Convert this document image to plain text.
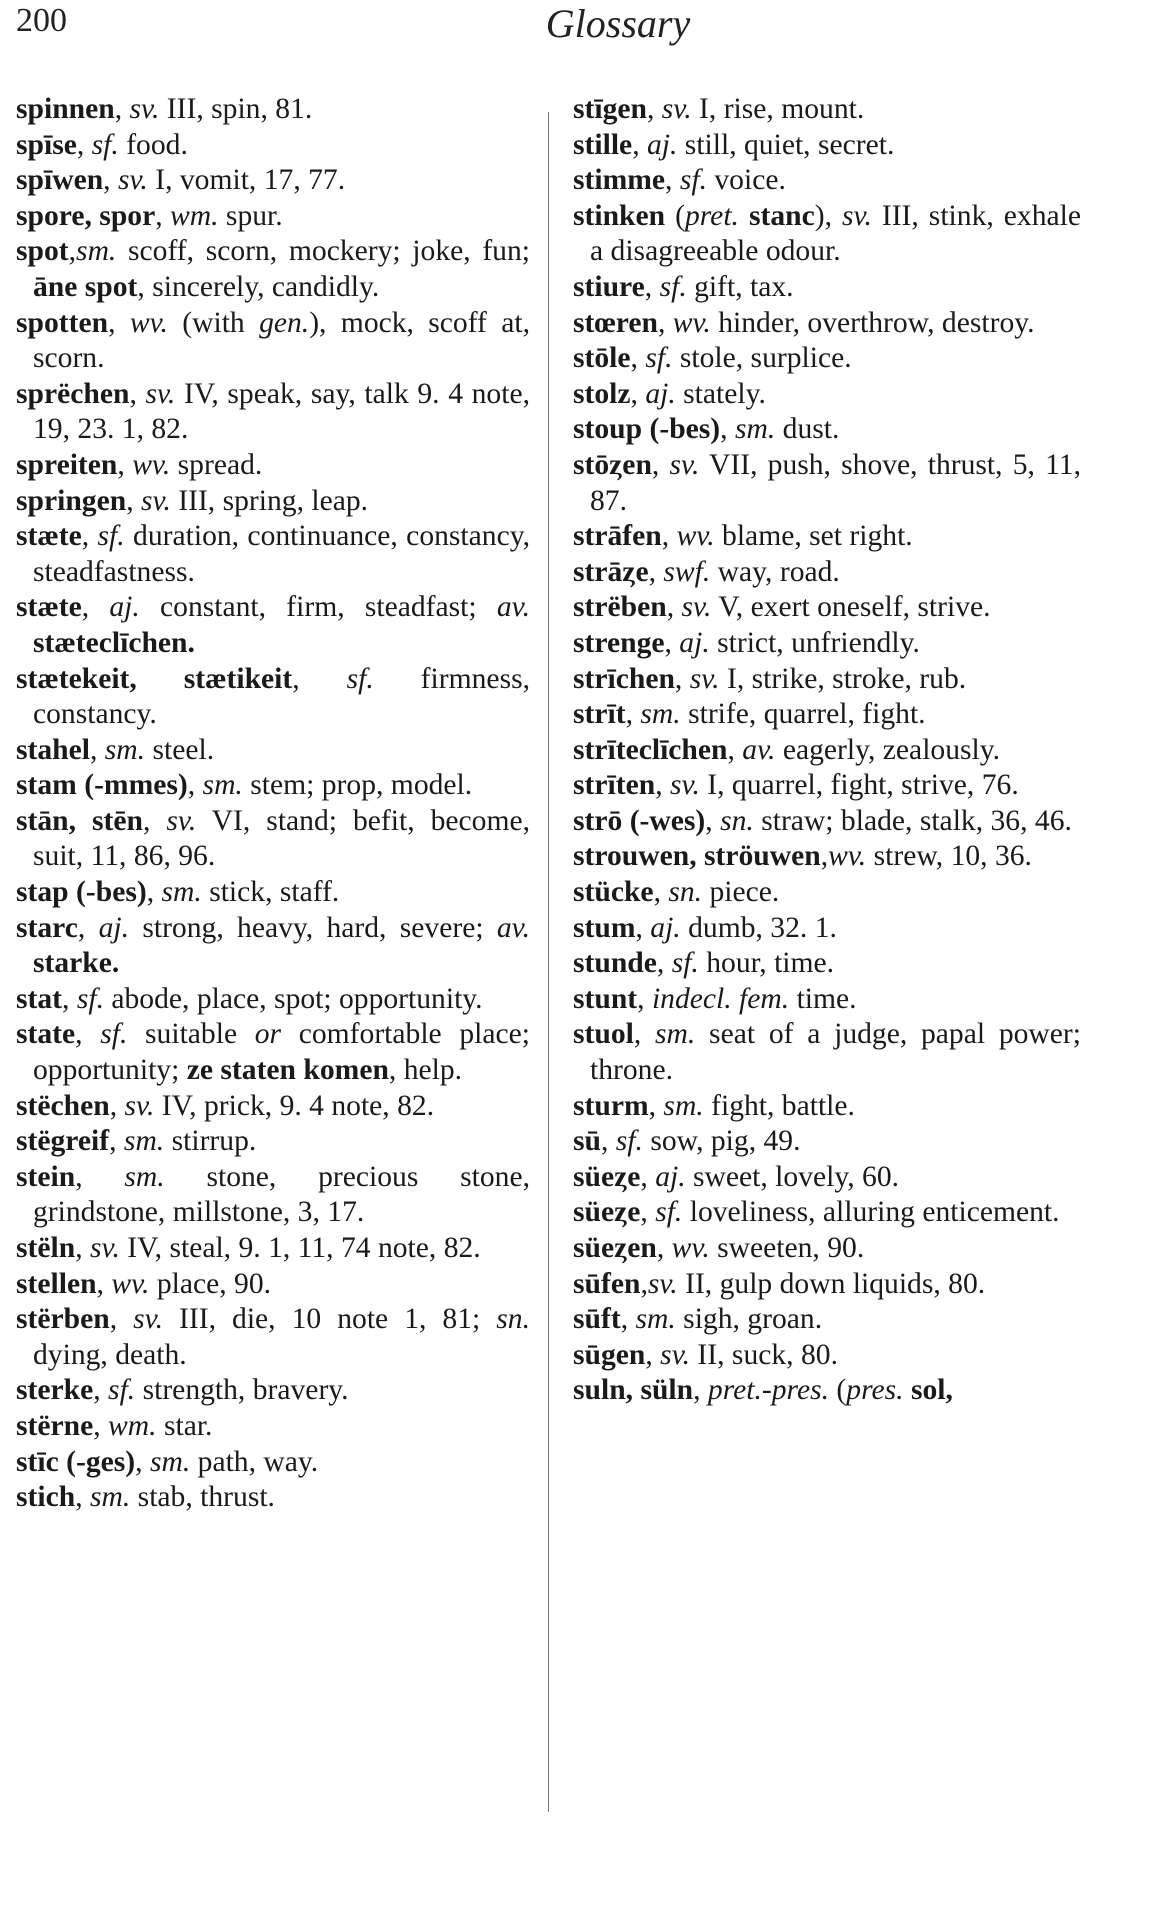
200	Glossary

spinnen, sv. III, spin, 81.

spīse, sf. food.

spīwen, sv. I, vomit, 17, 77.

spore, spor, wm. spur.

spot,sm. scoff, scorn, mockery; joke, fun; āne spot, sincerely, candidly.

spotten, wv. (with gen.), mock, scoff at, scorn.

sprëchen, sv. IV, speak, say, talk 9. 4 note, 19, 23. 1, 82.

spreiten, wv. spread.

springen, sv. III, spring, leap.

stæte, sf. duration, continuance, constancy, steadfastness.

stæte, aj. constant, firm, steadfast; av. stæteclīchen.

stætekeit, stætikeit, sf. firmness, constancy.

stahel, sm. steel.

stam (-mmes), sm. stem; prop, model.

stān, stēn, sv. VI, stand; befit, become, suit, 11, 86, 96.

stap (-bes), sm. stick, staff.

starc, aj. strong, heavy, hard, severe; av. starke.

stat, sf. abode, place, spot; opportunity.

state, sf. suitable or comfortable place; opportunity; ze staten komen, help.

stëchen, sv. IV, prick, 9. 4 note, 82.

stëgreif, sm. stirrup.

stein, sm. stone, precious stone, grindstone, millstone, 3, 17.

stëln, sv. IV, steal, 9. 1, 11, 74 note, 82.

stellen, wv. place, 90.

stërben, sv. III, die, 10 note 1, 81; sn. dying, death.

sterke, sf. strength, bravery.

stërne, wm. star.

stīc (-ges), sm. path, way.

stich, sm. stab, thrust.

stīgen, sv. I, rise, mount.

stille, aj. still, quiet, secret.

stimme, sf. voice.

stinken (pret. stanc), sv. III, stink, exhale a disagreeable odour.

stiure, sf. gift, tax.

stœren, wv. hinder, overthrow, destroy.

stōle, sf. stole, surplice.

stolz, aj. stately.

stoup (-bes), sm. dust.

stōȥen, sv. VII, push, shove, thrust, 5, 11, 87.

strāfen, wv. blame, set right.

strāȥe, swf. way, road.

strëben, sv. V, exert oneself, strive.

strenge, aj. strict, unfriendly.

strīchen, sv. I, strike, stroke, rub.

strīt, sm. strife, quarrel, fight.

strīteclīchen, av. eagerly, zealously.

strīten, sv. I, quarrel, fight, strive, 76.

strō (-wes), sn. straw; blade, stalk, 36, 46.

strouwen, ströuwen,wv. strew, 10, 36.

stücke, sn. piece.

stum, aj. dumb, 32. 1.

stunde, sf. hour, time.

stunt, indecl. fem. time.

stuol, sm. seat of a judge, papal power; throne.

sturm, sm. fight, battle.

sū, sf. sow, pig, 49.

süeȥe, aj. sweet, lovely, 60.

süeȥe, sf. loveliness, alluring enticement.

süeȥen, wv. sweeten, 90.

sūfen,sv. II, gulp down liquids, 80.

sūft, sm. sigh, groan.

sūgen, sv. II, suck, 80.

suln, süln, pret.-pres. (pres. sol,
